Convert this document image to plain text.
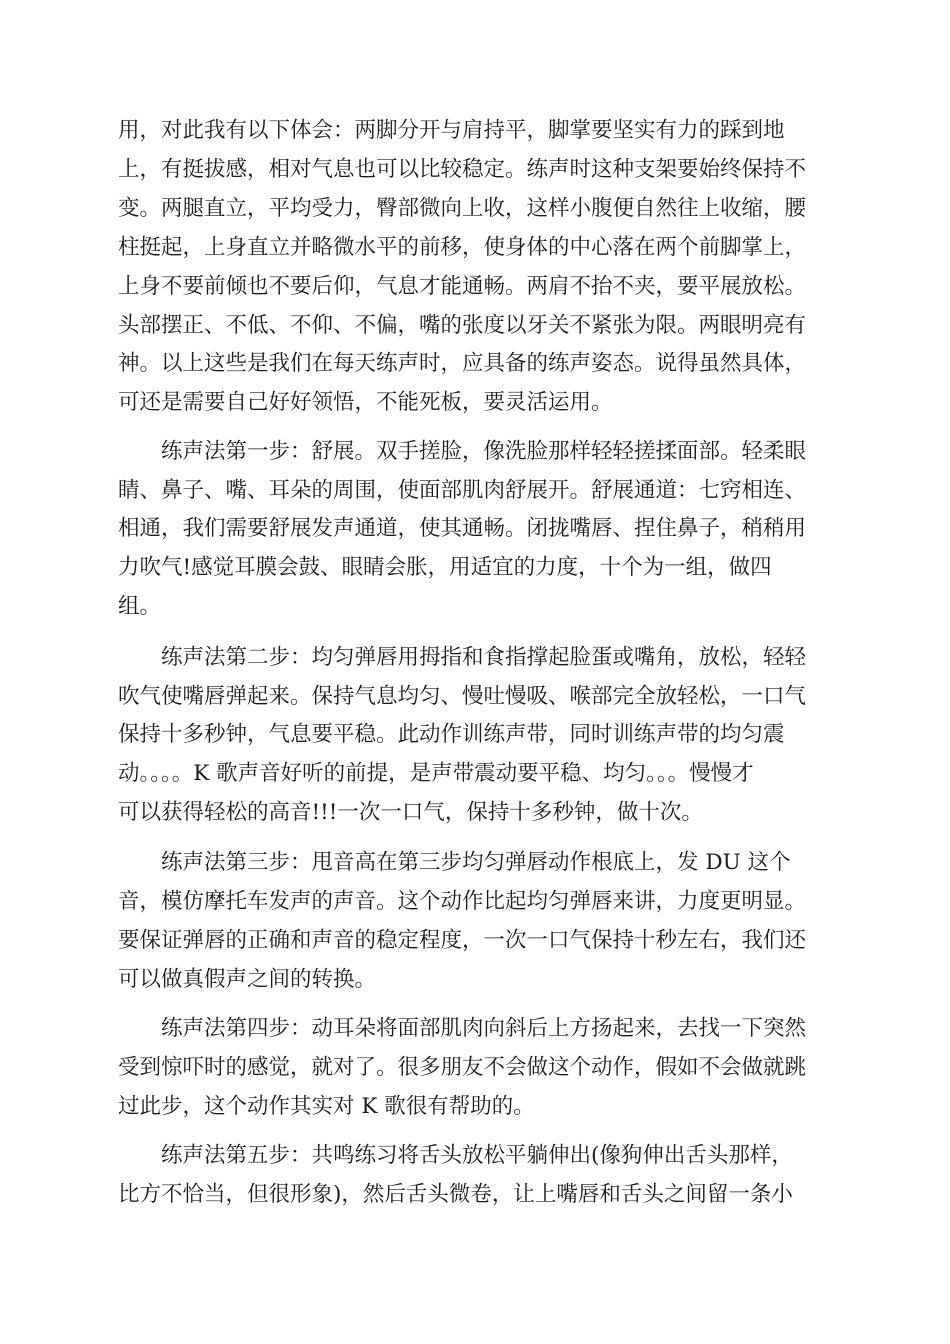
用，对此我有以下体会：两脚分开与肩持平，脚掌要坚实有力的踩到地

上，有挺拔感，相对气息也可以比较稳定。练声时这种支架要始终保持不

变。两腿直立，平均受力，臀部微向上收，这样小腹便自然往上收缩，腰

柱挺起，上身直立并略微水平的前移，使身体的中心落在两个前脚掌上，

上身不要前倾也不要后仰，气息才能通畅。两肩不抬不夹，要平展放松。

头部摆正、不低、不仰、不偏，嘴的张度以牙关不紧张为限。两眼明亮有

神。以上这些是我们在每天练声时，应具备的练声姿态。说得虽然具体，

可还是需要自己好好领悟，不能死板，要灵活运用。

练声法第一步：舒展。双手搓脸，像洗脸那样轻轻搓揉面部。轻柔眼

睛、鼻子、嘴、耳朵的周围，使面部肌肉舒展开。舒展通道：七窍相连、

相通，我们需要舒展发声通道，使其通畅。闭拢嘴唇、捏住鼻子，稍稍用

力吹气!感觉耳膜会鼓、眼睛会胀，用适宜的力度，十个为一组，做四

组。

练声法第二步：均匀弹唇用拇指和食指撑起脸蛋或嘴角，放松，轻轻

吹气使嘴唇弹起来。保持气息均匀、慢吐慢吸、喉部完全放轻松，一口气

保持十多秒钟，气息要平稳。此动作训练声带，同时训练声带的均匀震

动。。。。K 歌声音好听的前提，是声带震动要平稳、均匀。。。慢慢才

可以获得轻松的高音!!!一次一口气，保持十多秒钟，做十次。

练声法第三步：甩音高在第三步均匀弹唇动作根底上，发 DU 这个

音，模仿摩托车发声的声音。这个动作比起均匀弹唇来讲，力度更明显。

要保证弹唇的正确和声音的稳定程度，一次一口气保持十秒左右，我们还

可以做真假声之间的转换。

练声法第四步：动耳朵将面部肌肉向斜后上方扬起来，去找一下突然

受到惊吓时的感觉，就对了。很多朋友不会做这个动作，假如不会做就跳

过此步，这个动作其实对 K 歌很有帮助的。

练声法第五步：共鸣练习将舌头放松平躺伸出(像狗伸出舌头那样，

比方不恰当，但很形象)，然后舌头微卷，让上嘴唇和舌头之间留一条小
